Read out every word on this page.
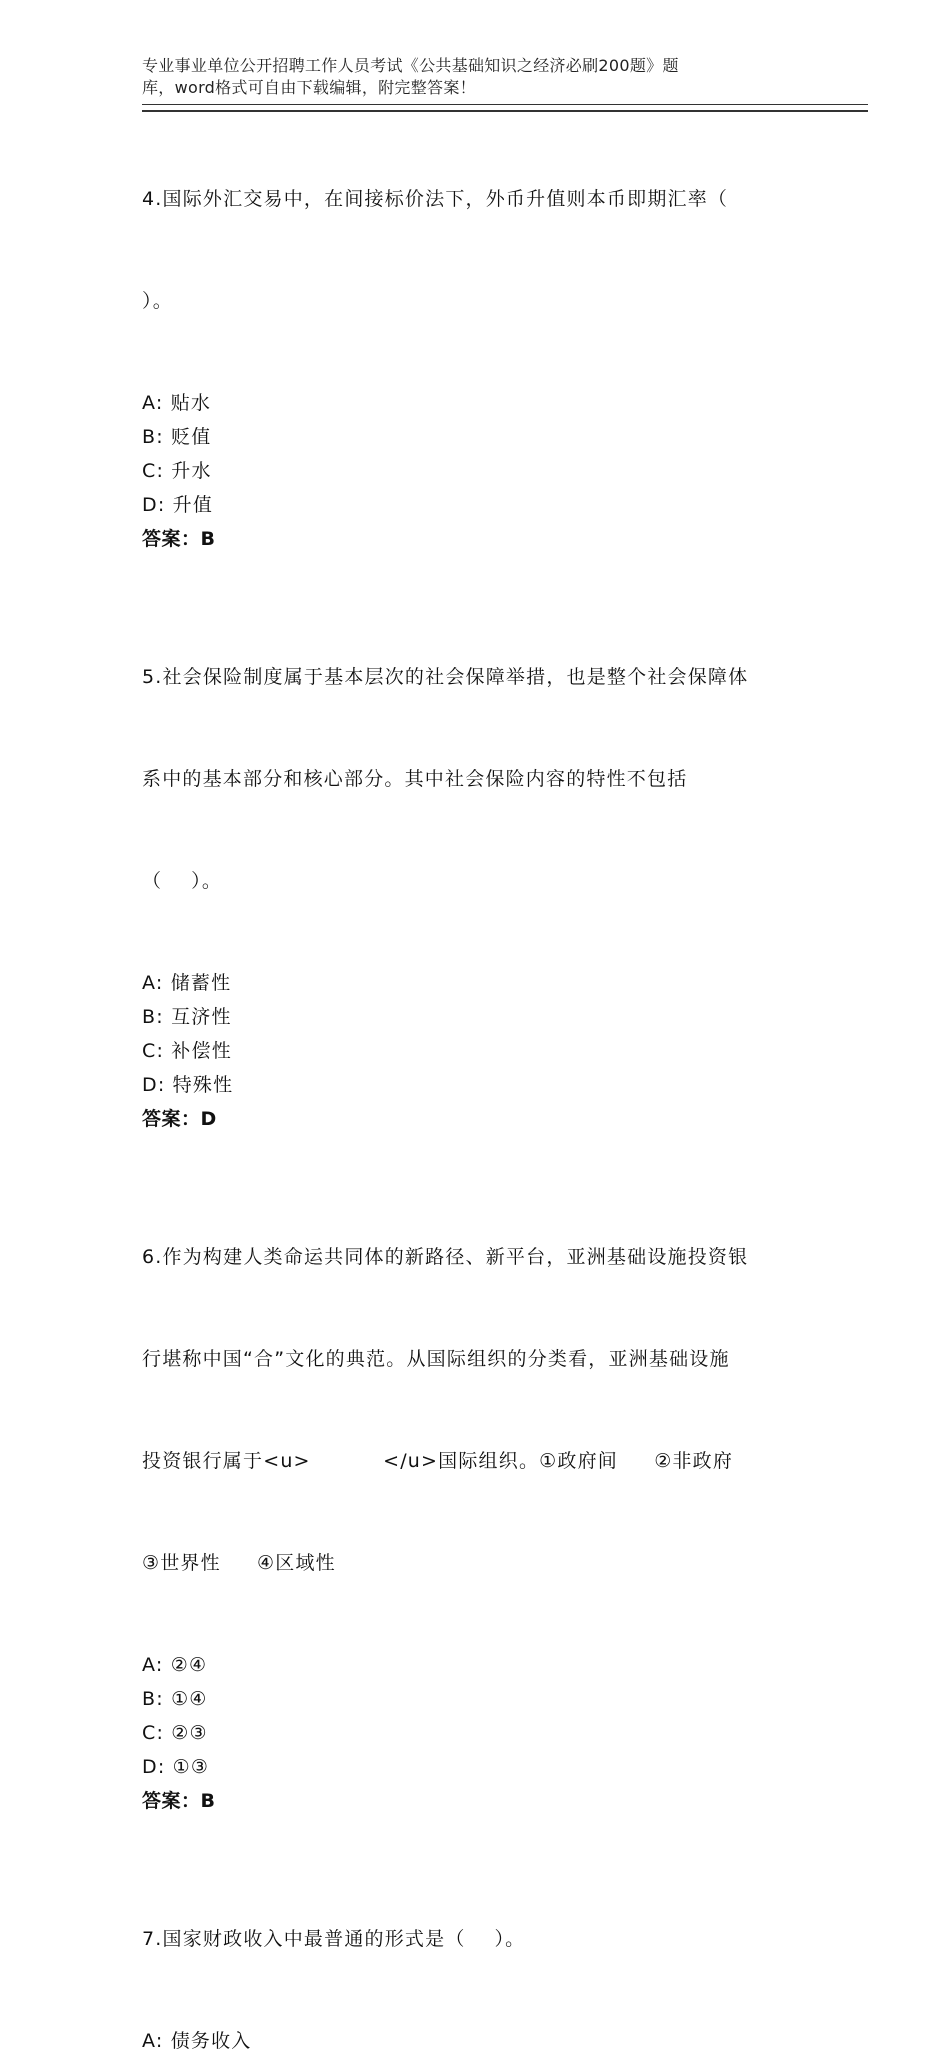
专业事业单位公开招聘工作人员考试《公共基础知识之经济必刷200题》题
库，word格式可自由下载编辑，附完整答案！

4.国际外汇交易中，在间接标价法下，外币升值则本币即期汇率（

）。

A: 贴水
B: 贬值
C: 升水
D: 升值
答案：B

5.社会保险制度属于基本层次的社会保障举措，也是整个社会保障体

系中的基本部分和核心部分。其中社会保险内容的特性不包括

（    ）。

A: 储蓄性
B: 互济性
C: 补偿性
D: 特殊性
答案：D

6.作为构建人类命运共同体的新路径、新平台，亚洲基础设施投资银

行堪称中国“合”文化的典范。从国际组织的分类看，亚洲基础设施

投资银行属于<u>          </u>国际组织。①政府间     ②非政府

③世界性     ④区域性

A: ②④
B: ①④
C: ②③
D: ①③
答案：B

7.国家财政收入中最普通的形式是（    ）。

A: 债务收入
